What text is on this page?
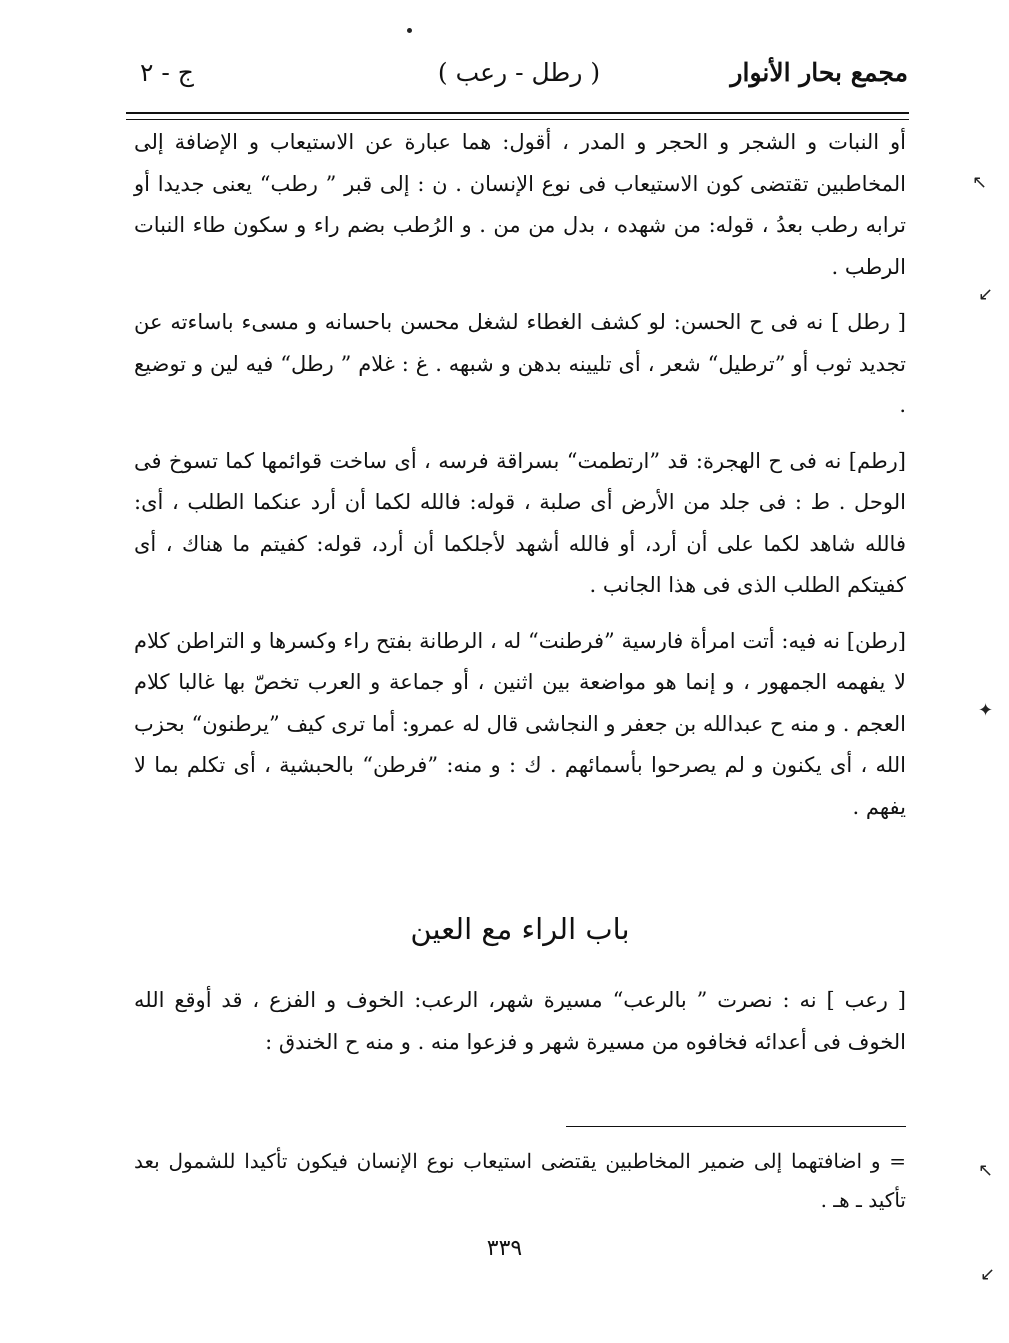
مجمع بحار الأنوار
( رطل - رعب )
ج - ٢

أو النبات و الشجر و الحجر و المدر ، أقول: هما عبارة عن الاستيعاب و الإضافة إلى المخاطبين تقتضى كون الاستيعاب فى نوع الإنسان . ن : إلى قبر ” رطب“ يعنى جديدا أو ترابه رطب بعدُ ، قوله: من شهده ، بدل من من . و الرُطب بضم راء و سكون طاء النبات الرطب .

[ رطل ] نه فى ح الحسن: لو كشف الغطاء لشغل محسن باحسانه و مسىء باساءته عن تجديد ثوب أو ”ترطيل“ شعر ، أى تليينه بدهن و شبهه . غ : غلام ” رطل“ فيه لين و توضيع .

[رطم] نه فى ح الهجرة: قد ”ارتطمت“ بسراقة فرسه ، أى ساخت قوائمها كما تسوخ فى الوحل . ط : فى جلد من الأرض أى صلبة ، قوله: فالله لكما أن أرد عنكما الطلب ، أى: فالله شاهد لكما على أن أرد، أو فالله أشهد لأجلكما أن أرد، قوله: كفيتم ما هناك ، أى كفيتكم الطلب الذى فى هذا الجانب .

[رطن] نه فيه: أتت امرأة فارسية ”فرطنت“ له ، الرطانة بفتح راء وكسرها و التراطن كلام لا يفهمه الجمهور ، و إنما هو مواضعة بين اثنين ، أو جماعة و العرب تخصّ بها غالبا كلام العجم . و منه ح عبدالله بن جعفر و النجاشى قال له عمرو: أما ترى كيف ”يرطنون“ بحزب الله ، أى يكنون و لم يصرحوا بأسمائهم . ك : و منه: ”فرطن“ بالحبشية ، أى تكلم بما لا يفهم .

باب الراء مع العين

[ رعب ] نه : نصرت ” بالرعب“ مسيرة شهر، الرعب: الخوف و الفزع ، قد أوقع الله الخوف فى أعدائه فخافوه من مسيرة شهر و فزعوا منه . و منه ح الخندق :

= و اضافتهما إلى ضمير المخاطبين يقتضى استيعاب نوع الإنسان فيكون تأكيدا للشمول بعد تأكيد ـ هـ .

٣٣٩
↖
↙
✦
↖
↙
